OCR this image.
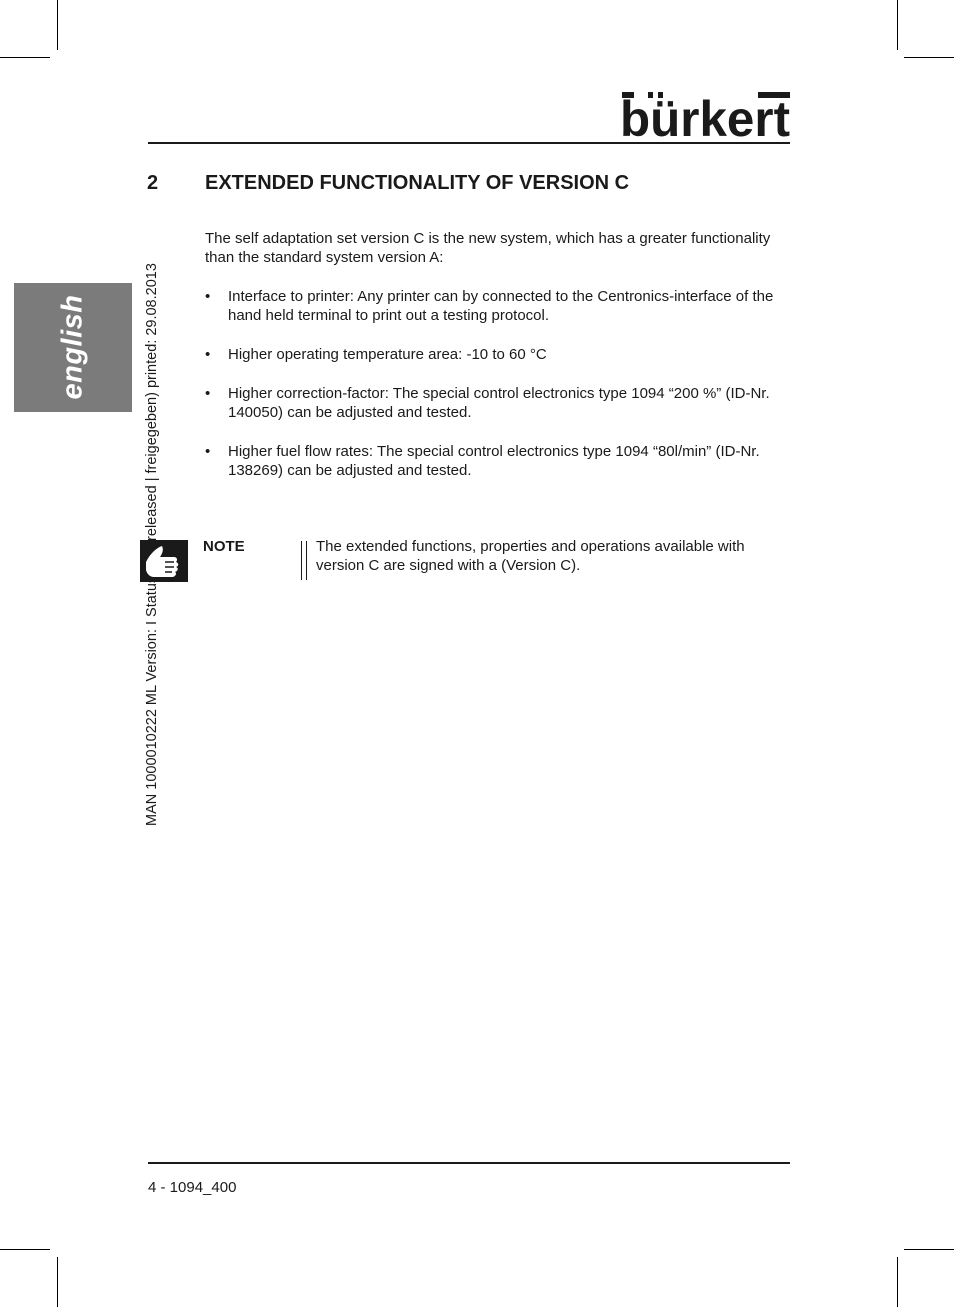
english
bürkert
2 EXTENDED FUNCTIONALITY OF VERSION C

The self adaptation set version C is the new system, which has a greater functionality than the standard system version A:

• Interface to printer: Any printer can by connected to the Centronics-interface of the hand held terminal to print out a testing protocol.
• Higher operating temperature area: -10 to 60 °C
• Higher correction-factor: The special control electronics type 1094 “200 %” (ID-Nr. 140050) can be adjusted and tested.
• Higher fuel flow rates: The special control electronics type 1094 “80l/min” (ID-Nr. 138269) can be adjusted and tested.
NOTE	The extended functions, properties and operations available with version C are signed with a (Version C).
4 - 1094_400
